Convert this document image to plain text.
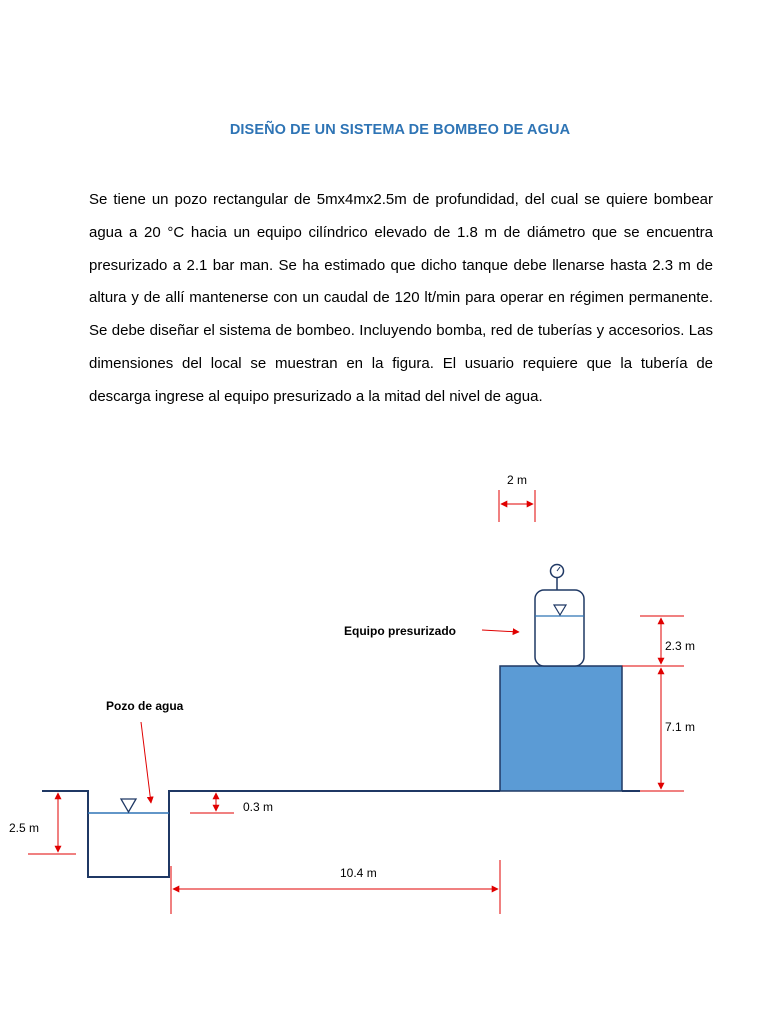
DISEÑO DE UN SISTEMA DE BOMBEO DE AGUA
Se tiene un pozo rectangular de 5mx4mx2.5m de profundidad, del cual se quiere bombear agua a 20 °C hacia un equipo cilíndrico elevado de 1.8 m de diámetro que se encuentra presurizado a 2.1 bar man. Se ha estimado que dicho tanque debe llenarse hasta 2.3 m de altura y de allí mantenerse con un caudal de 120 lt/min para operar en régimen permanente. Se debe diseñar el sistema de bombeo. Incluyendo bomba, red de tuberías y accesorios. Las dimensiones del local se muestran en la figura. El usuario requiere que la tubería de descarga ingrese al equipo presurizado a la mitad del nivel de agua.
2 m
Equipo presurizado
2.3 m
7.1 m
Pozo de agua
0.3 m
2.5 m
10.4 m
